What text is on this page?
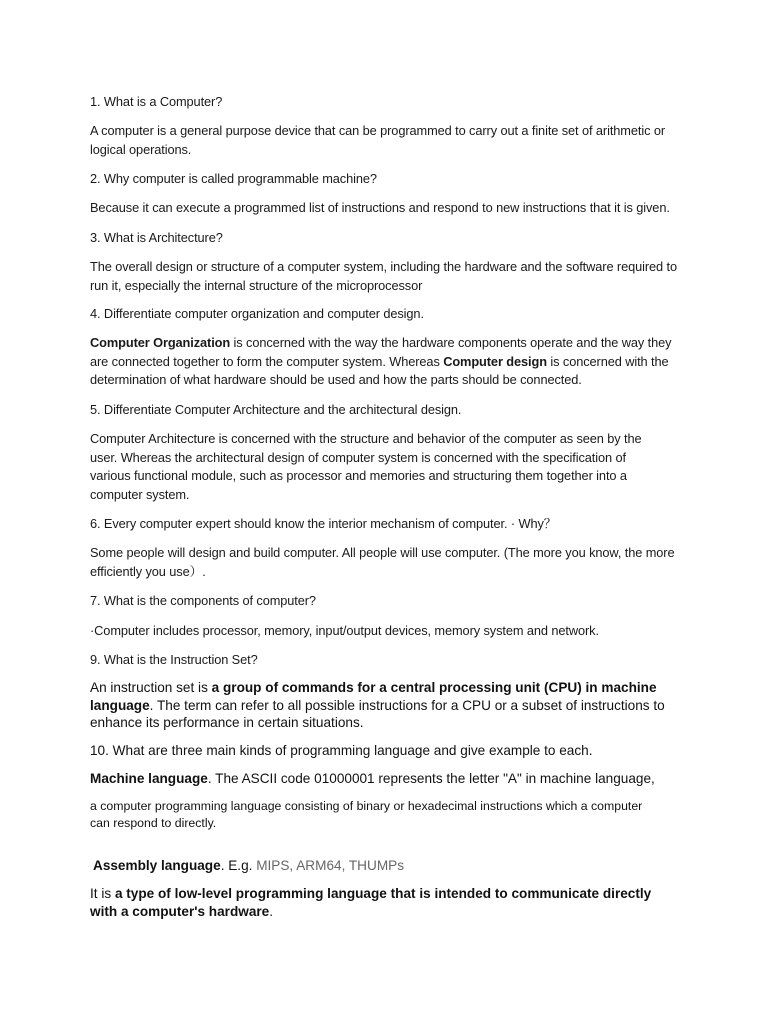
1. What is a Computer?

A computer is a general purpose device that can be programmed to carry out a finite set of arithmetic or logical operations.

2. Why computer is called programmable machine?

Because it can execute a programmed list of instructions and respond to new instructions that it is given.

3. What is Architecture?

The overall design or structure of a computer system, including the hardware and the software required to run it, especially the internal structure of the microprocessor

4. Differentiate computer organization and computer design.

Computer Organization is concerned with the way the hardware components operate and the way they are connected together to form the computer system. Whereas Computer design is concerned with the determination of what hardware should be used and how the parts should be connected.

5. Differentiate Computer Architecture and the architectural design.

Computer Architecture is concerned with the structure and behavior of the computer as seen by the user. Whereas the architectural design of computer system is concerned with the specification of various functional module, such as processor and memories and structuring them together into a computer system.

6. Every computer expert should know the interior mechanism of computer. · Why？

Some people will design and build computer. All people will use computer. (The more you know, the more efficiently you use）.

7. What is the components of computer?

·Computer includes processor, memory, input/output devices, memory system and network.

9. What is the Instruction Set?

An instruction set is a group of commands for a central processing unit (CPU) in machine language. The term can refer to all possible instructions for a CPU or a subset of instructions to enhance its performance in certain situations.

10. What are three main kinds of programming language and give example to each.

Machine language. The ASCII code 01000001 represents the letter "A" in machine language,

a computer programming language consisting of binary or hexadecimal instructions which a computer can respond to directly.

Assembly language. E.g. MIPS, ARM64, THUMPs

It is a type of low-level programming language that is intended to communicate directly with a computer's hardware.
